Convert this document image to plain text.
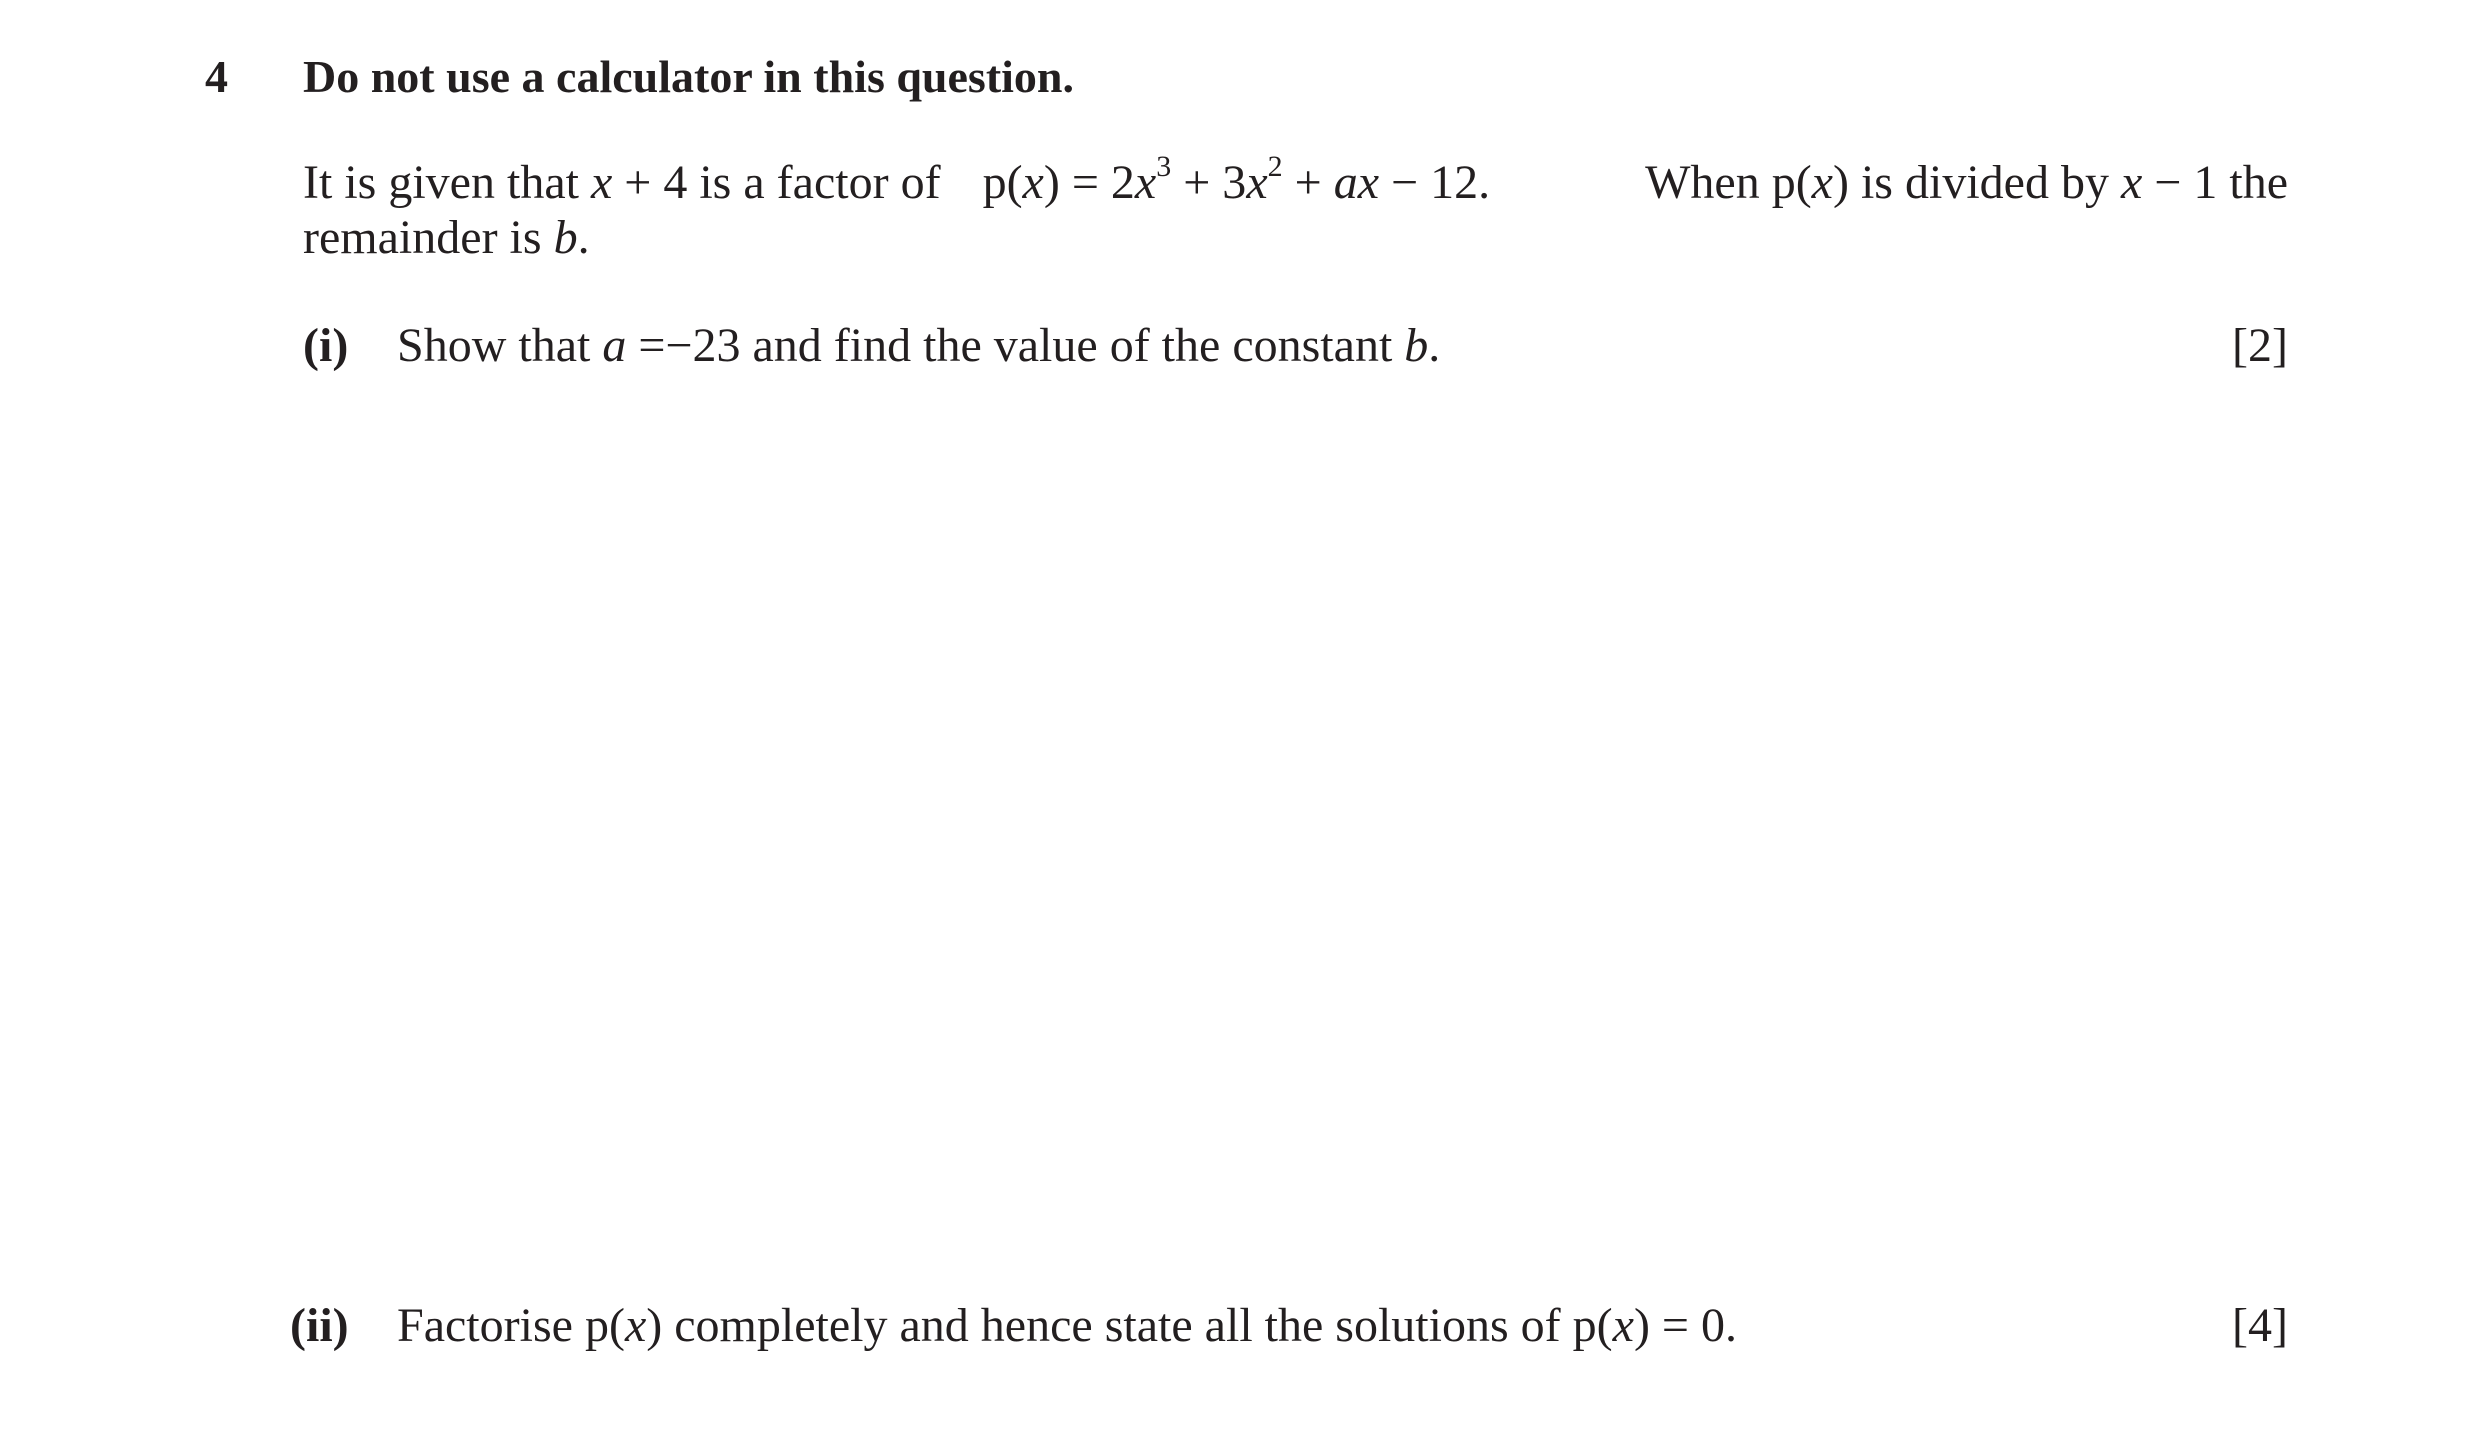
4 Do not use a calculator in this question.
It is given that x + 4 is a factor of $p(x) = 2x^3 + 3x^2$ + ax − 12.	When p(x) is divided by x − 1 the
remainder is b.
(i) Show that a =−23 and find the value of the constant b.	[2]
(ii) Factorise p(x) completely and hence state all the solutions of p(x) = 0.	[4]
